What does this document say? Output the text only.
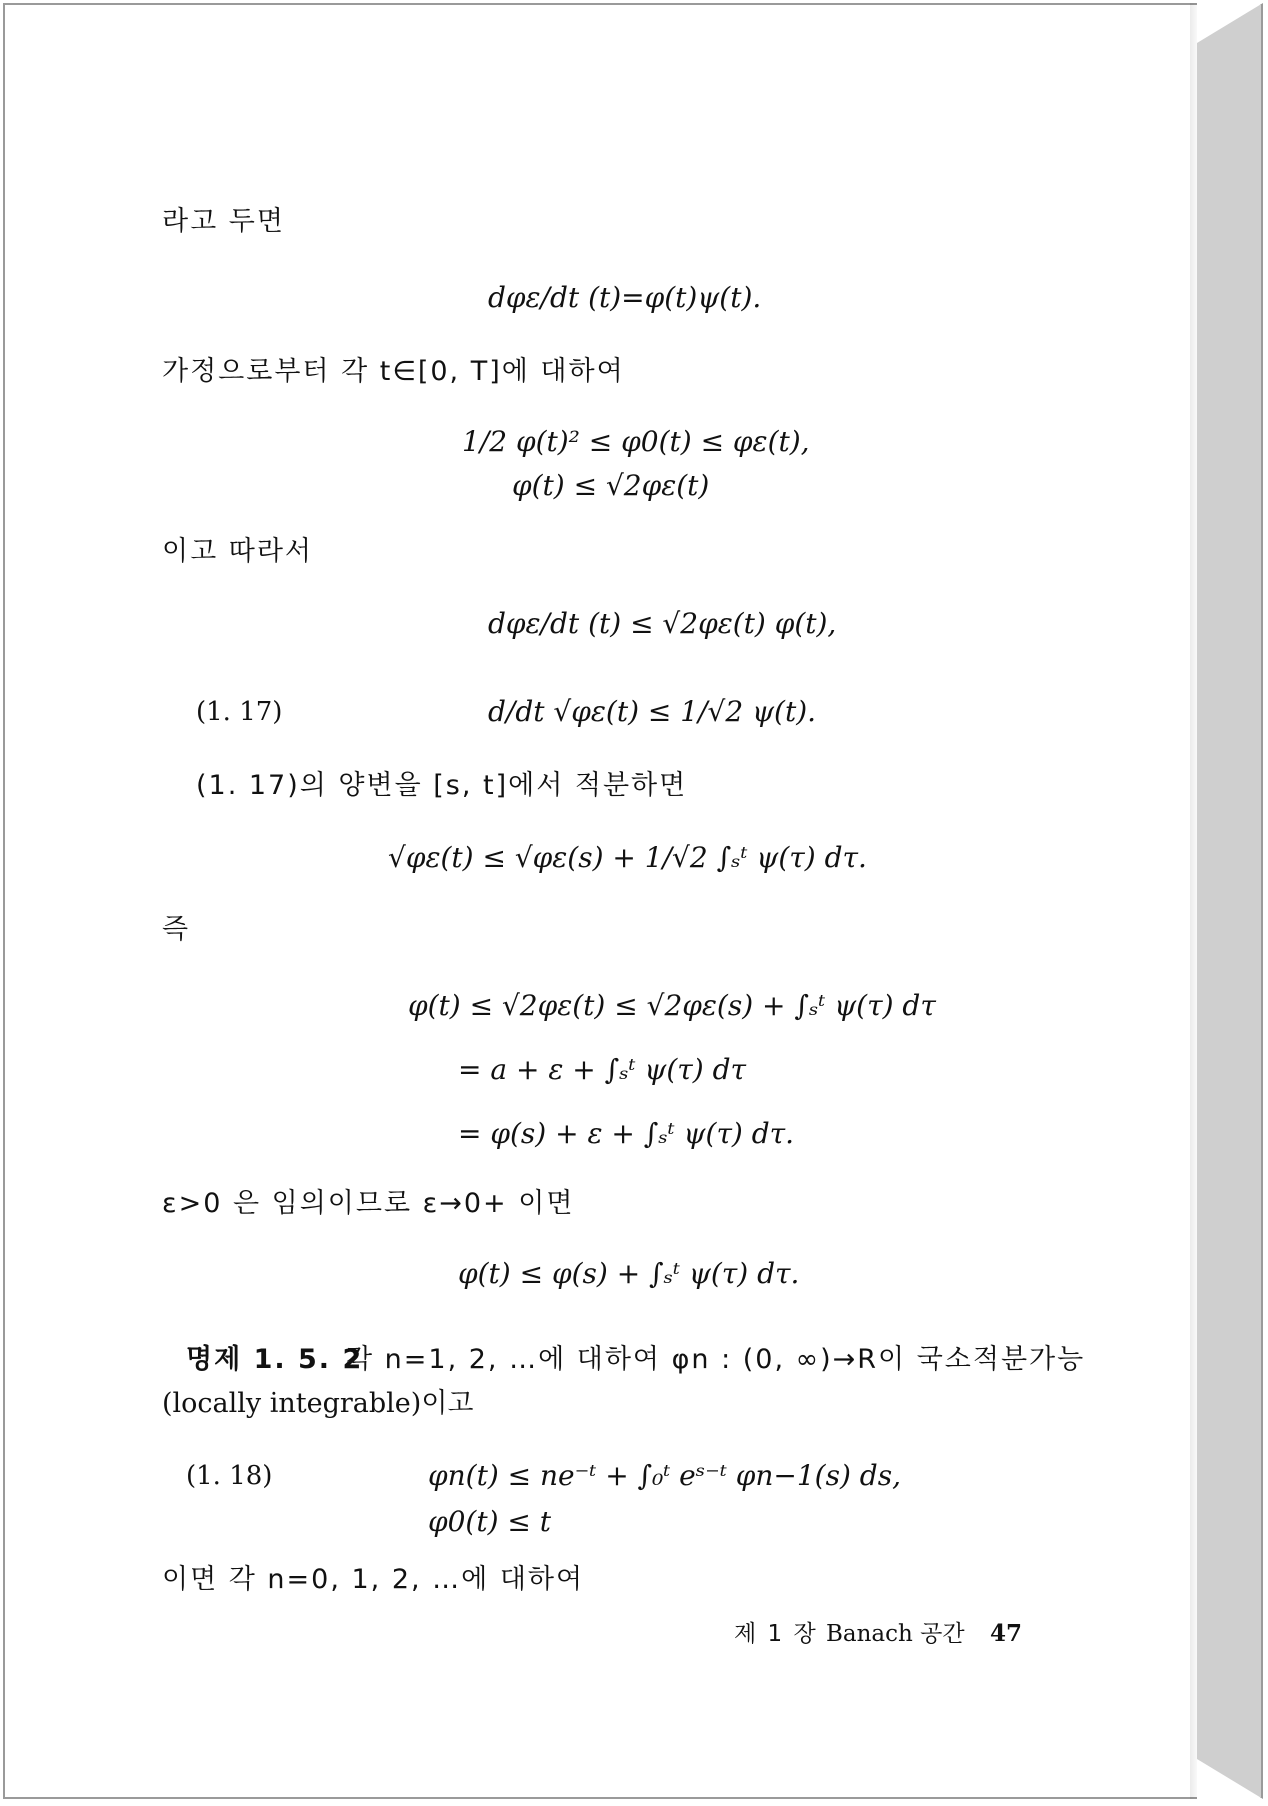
라고 두면
dφε/dt (t)=φ(t)ψ(t).
가정으로부터 각 t∈[0, T]에 대하여
1/2 φ(t)² ≤ φ0(t) ≤ φε(t),
φ(t) ≤ √2φε(t)
이고 따라서
dφε/dt (t) ≤ √2φε(t) φ(t),
(1. 17)	d/dt √φε(t) ≤ 1/√2 ψ(t).
(1. 17)의 양변을 [s, t]에서 적분하면
√φε(t) ≤ √φε(s) + 1/√2 ∫ₛᵗ ψ(τ) dτ.
즉
φ(t) ≤ √2φε(t) ≤ √2φε(s) + ∫ₛᵗ ψ(τ) dτ
= a + ε + ∫ₛᵗ ψ(τ) dτ
= φ(s) + ε + ∫ₛᵗ ψ(τ) dτ.
ε>0 은 임의이므로 ε→0+ 이면
φ(t) ≤ φ(s) + ∫ₛᵗ ψ(τ) dτ.
명제 1. 5. 2
각 n=1, 2, …에 대하여 φn : (0, ∞)→R이 국소적분가능
(locally integrable)이고
(1. 18)	φn(t) ≤ ne⁻ᵗ + ∫₀ᵗ eˢ⁻ᵗ φn−1(s) ds,
φ0(t) ≤ t
이면 각 n=0, 1, 2, …에 대하여
제 1 장 Banach 공간 47
